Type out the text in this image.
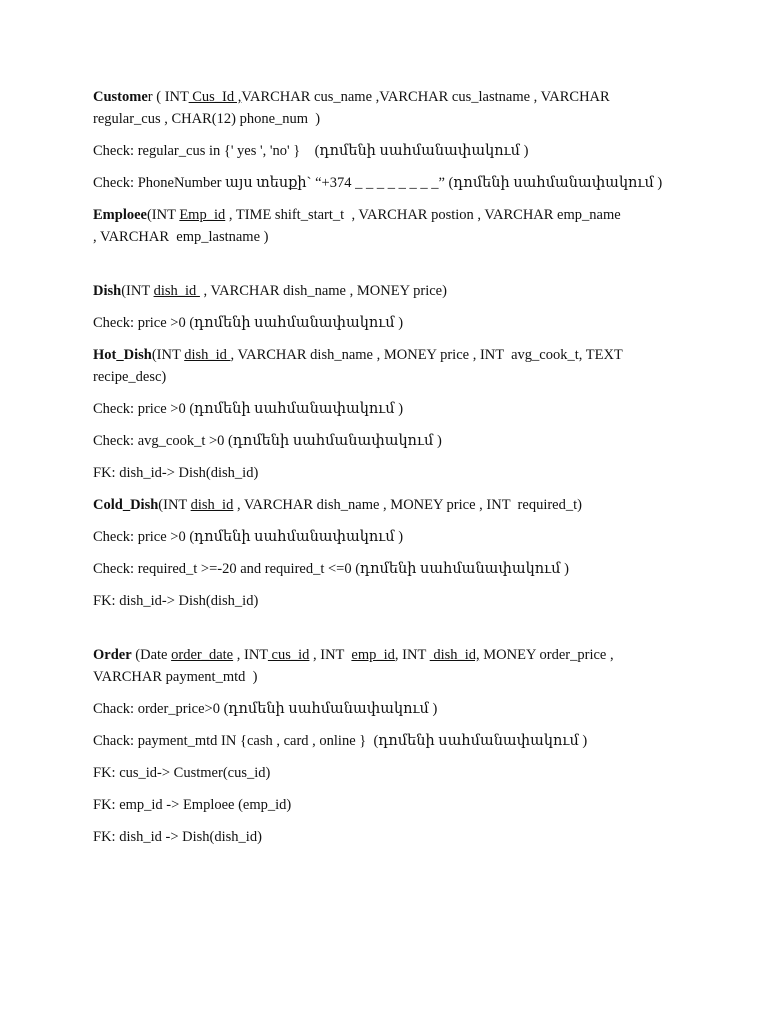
Customer ( INT Cus_Id ,VARCHAR cus_name ,VARCHAR cus_lastname , VARCHAR
regular_cus , CHAR(12) phone_num  )

Check: regular_cus in {' yes ', 'no' }    (դոմենի սահմանափակում )

Check: PhoneNumber այս տեսքի` “+374 _ _ _ _ _ _ _ _” (դոմենի սահմանափակում )

Emploee(INT Emp_id , TIME shift_start_t  , VARCHAR postion , VARCHAR emp_name
, VARCHAR  emp_lastname )

Dish(INT dish_id  , VARCHAR dish_name , MONEY price)

Check: price >0 (դոմենի սահմանափակում )

Hot_Dish(INT dish_id , VARCHAR dish_name , MONEY price , INT  avg_cook_t, TEXT
recipe_desc)

Check: price >0 (դոմենի սահմանափակում )

Check: avg_cook_t >0 (դոմենի սահմանափակում )

FK: dish_id-> Dish(dish_id)

Cold_Dish(INT dish_id , VARCHAR dish_name , MONEY price , INT  required_t)

Check: price >0 (դոմենի սահմանափակում )

Check: required_t >=-20 and required_t <=0 (դոմենի սահմանափակում )

FK: dish_id-> Dish(dish_id)

Order (Date order_date , INT cus_id , INT  emp_id, INT  dish_id, MONEY order_price ,
VARCHAR payment_mtd  )

Chack: order_price>0 (դոմենի սահմանափակում )

Chack: payment_mtd IN {cash , card , online }  (դոմենի սահմանափակում )

FK: cus_id-> Custmer(cus_id)

FK: emp_id -> Emploee (emp_id)

FK: dish_id -> Dish(dish_id)
